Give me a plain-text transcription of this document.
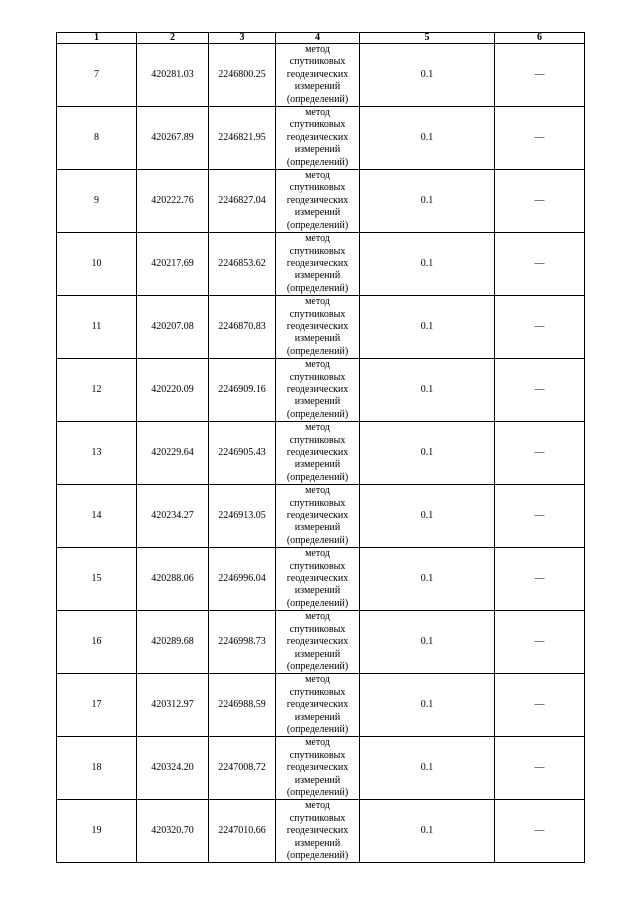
1	2	3	4	5	6
7	420281.03	2246800.25	метод
спутниковых
геодезических
измерений
(определений)	0.1	—
8	420267.89	2246821.95	метод
спутниковых
геодезических
измерений
(определений)	0.1	—
9	420222.76	2246827.04	метод
спутниковых
геодезических
измерений
(определений)	0.1	—
10	420217.69	2246853.62	метод
спутниковых
геодезических
измерений
(определений)	0.1	—
11	420207.08	2246870.83	метод
спутниковых
геодезических
измерений
(определений)	0.1	—
12	420220.09	2246909.16	метод
спутниковых
геодезических
измерений
(определений)	0.1	—
13	420229.64	2246905.43	метод
спутниковых
геодезических
измерений
(определений)	0.1	—
14	420234.27	2246913.05	метод
спутниковых
геодезических
измерений
(определений)	0.1	—
15	420288.06	2246996.04	метод
спутниковых
геодезических
измерений
(определений)	0.1	—
16	420289.68	2246998.73	метод
спутниковых
геодезических
измерений
(определений)	0.1	—
17	420312.97	2246988.59	метод
спутниковых
геодезических
измерений
(определений)	0.1	—
18	420324.20	2247008.72	метод
спутниковых
геодезических
измерений
(определений)	0.1	—
19	420320.70	2247010.66	метод
спутниковых
геодезических
измерений
(определений)	0.1	—
